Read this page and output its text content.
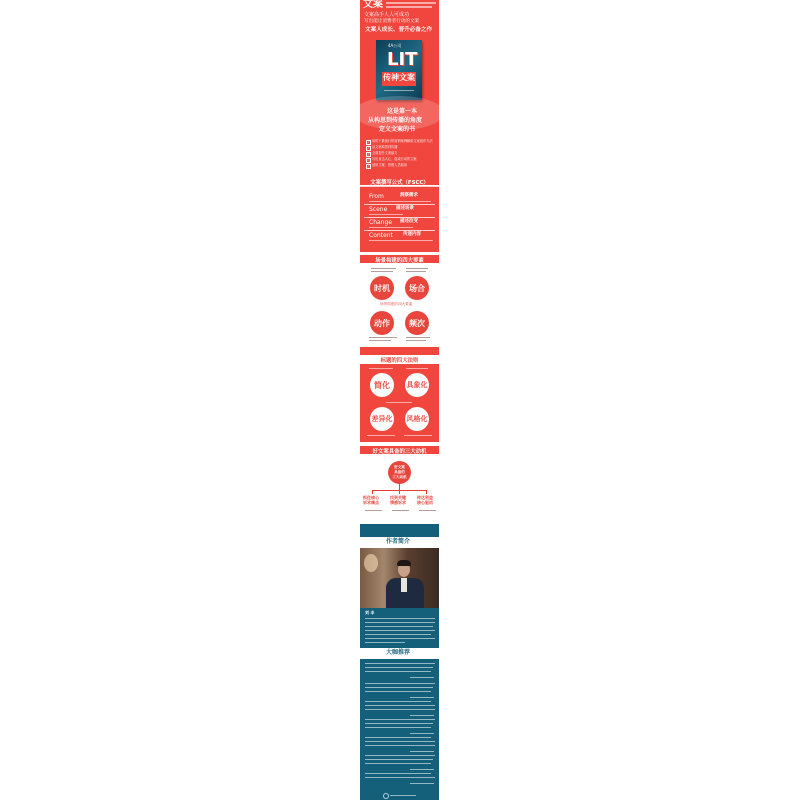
文案
文案高手人人可成功
写出能让消费者行动的文案
文案人成长、晋升必备之作
4A公司
LIT
传神文案
这是第一本
从构思到传播的角度
定义文案的书
✓ 用时下最流行的营销案例解析文案创作方法
✓ 从文案构思到传播
✓ 全面提升文案能力
✓ 写出直击人心、促成行动的文案
✓ 适用文案、营销人员阅读
文案撰写公式（FSCC）
From	洞察需求
Scene 描述场景
Change 描述改变
Content 传递内容
场景构建的四大要素
时机 场合
场景构建的四大要素
动作 频次
标题的四大法则
简化 具象化
差异化 风格化
好文案具备的三大动机
好文案
具备的
三大动机
抓住核心
诉求痛点
找到关键
情感诉求
传达利益
核心驱动
作者简介
刘 丰
大咖推荐
